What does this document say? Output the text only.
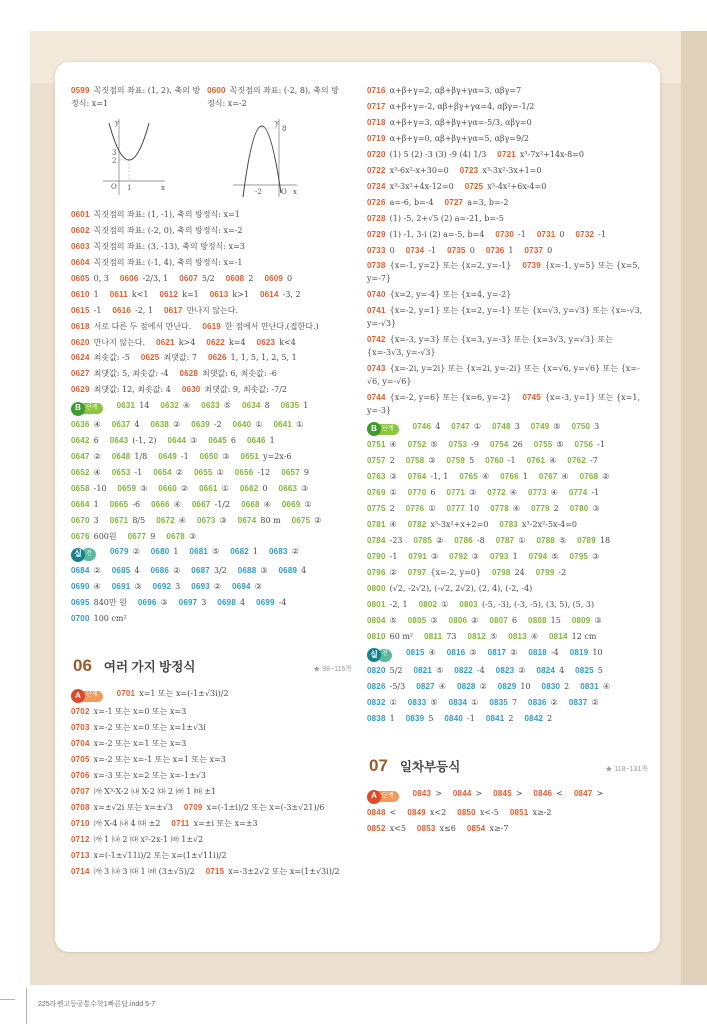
0599 꼭짓점의 좌표: (1, 2), 축의 방정식: x=10600 꼭짓점의 좌표: (-2, 8), 축의 방정식: x=-2
y
x
O 1
3
2
y
x
O
-2
8
0601 꼭짓점의 좌표: (1, -1), 축의 방정식: x=1
0602 꼭짓점의 좌표: (-2, 0), 축의 방정식: x=-2
0603 꼭짓점의 좌표: (3, -13), 축의 방정식: x=3
0604 꼭짓점의 좌표: (-1, 4), 축의 방정식: x=-1
0605 0, 3 0606 -2/3, 1 0607 5/2 0608 2 0609 0
0610 1 0611 k<1 0612 k=1 0613 k>1 0614 -3, 2
0615 -1 0616 -2, 1 0617 만나지 않는다.
0618 서로 다른 두 점에서 만난다. 0619 한 점에서 만난다.(접한다.)
0620 만나지 않는다. 0621 k>4 0622 k=4 0623 k<4
0624 최솟값: -5 0625 최댓값: 7 0626 1, 1, 5, 1, 2, 5, 1
0627 최댓값: 5, 최솟값: -4 0628 최댓값: 6, 최솟값: -6
0629 최댓값: 12, 최솟값: 4 0630 최댓값: 9, 최솟값: -7/2
B 단계	0631 14 0632 ④ 0633 ⑤ 0634 8 0635 1
0636 ④ 0637 4 0638 ② 0639 -2 0640 ① 0641 ①
0642 6 0643 (-1, 2) 0644 ③ 0645 6 0646 1
0647 ② 0648 1/8 0649 -1 0650 ③ 0651 y=2x-6
0652 ④ 0653 -1 0654 ② 0655 ① 0656 -12 0657 9
0658 -10 0659 ③ 0660 ② 0661 ① 0662 0 0663 ③
0664 1 0665 -6 0666 ④ 0667 -1/2 0668 ④ 0669 ①
0670 3 0671 8/5 0672 ④ 0673 ③ 0674 80 m 0675 ②
0676 600원 0677 9 0678 ③
실 전	0679 ② 0680 1 0681 ⑤ 0682 1 0683 ②
0684 ② 0685 4 0686 ② 0687 3/2 0688 ③ 0689 4
0690 ④ 0691 ③ 0692 3 0693 ② 0694 ③
0695 840만 원 0696 ③ 0697 3 0698 4 0699 -4
0700 100 cm²
06 여러 가지 방정식	★ 98~116쪽
A 단계	0701 x=1 또는 x=(-1±√3i)/2
0702 x=-1 또는 x=0 또는 x=3
0703 x=-2 또는 x=0 또는 x=1±√3i
0704 x=-2 또는 x=1 또는 x=3
0705 x=-2 또는 x=-1 또는 x=1 또는 x=3
0706 x=-3 또는 x=2 또는 x=-1±√3
0707 ㈎ X³-X-2 ㈏ X-2 ㈐ 2 ㈑ 1 ㈒ ±1
0708 x=±√2i 또는 x=±√3 0709 x=(-1±i)/2 또는 x=(-3±√21)/6
0710 ㈎ X-4 ㈏ 4 ㈐ ±2 0711 x=±i 또는 x=±3
0712 ㈎ 1 ㈏ 2 ㈐ x²-2x-1 ㈑ 1±√2
0713 x=(-1±√11i)/2 또는 x=(1±√11i)/2
0714 ㈎ 3 ㈏ 3 ㈐ 1 ㈑ (3±√5)/2 0715 x=-3±2√2 또는 x=(1±√3i)/2
0716 α+β+γ=2, αβ+βγ+γα=3, αβγ=7
0717 α+β+γ=-2, αβ+βγ+γα=4, αβγ=-1/2
0718 α+β+γ=3, αβ+βγ+γα=-5/3, αβγ=0
0719 α+β+γ=0, αβ+βγ+γα=5, αβγ=9/2
0720 (1) 5 (2) -3 (3) -9 (4) 1/3 0721 x³-7x²+14x-8=0
0722 x³-6x²-x+30=0 0723 x³-3x²-3x+1=0
0724 x³-3x²+4x-12=0 0725 x³-4x²+6x-4=0
0726 a=-6, b=-4 0727 a=3, b=-2
0728 (1) -5, 2+√5 (2) a=-21, b=-5
0729 (1) -1, 3-i (2) a=-5, b=4 0730 -1 0731 0 0732 -1
0733 0 0734 -1 0735 0 0736 1 0737 0
0738 {x=-1, y=2} 또는 {x=2, y=-1} 0739 {x=-1, y=5} 또는 {x=5, y=-7}
0740 {x=2, y=-4} 또는 {x=4, y=-2}
0741 {x=-2, y=1} 또는 {x=2, y=-1} 또는 {x=√3, y=√3} 또는 {x=-√3, y=-√3}
0742 {x=-3, y=3} 또는 {x=3, y=-3} 또는 {x=3√3, y=√3} 또는 {x=-3√3, y=-√3}
0743 {x=-2i, y=2i} 또는 {x=2i, y=-2i} 또는 {x=√6, y=√6} 또는 {x=-√6, y=-√6}
0744 {x=-2, y=6} 또는 {x=6, y=-2} 0745 {x=-3, y=1} 또는 {x=1, y=-3}
B 단계	0746 4 0747 ① 0748 3 0749 ⑤ 0750 3
0751 ④ 0752 ⑤ 0753 -9 0754 26 0755 ⑤ 0756 -1
0757 2 0758 ③ 0759 5 0760 -1 0761 ④ 0762 -7
0763 ③ 0764 -1, 1 0765 ④ 0766 1 0767 ④ 0768 ②
0769 ① 0770 6 0771 ③ 0772 ④ 0773 ④ 0774 -1
0775 2 0776 ① 0777 10 0778 ④ 0779 2 0780 ③
0781 ④ 0782 x³-3x²+x+2=0 0783 x³-2x²-5x-4=0
0784 -23 0785 ② 0786 -8 0787 ① 0788 ⑤ 0789 18
0790 -1 0791 ③ 0792 ③ 0793 1 0794 ⑤ 0795 ③
0796 ② 0797 {x=-2, y=0} 0798 24 0799 -2
0800 (√2, -2√2), (-√2, 2√2), (2, 4), (-2, -4)
0801 -2, 1 0802 ① 0803 (-5, -3), (-3, -5), (3, 5), (5, 3)
0804 ⑤ 0805 ③ 0806 ② 0807 6 0808 15 0809 ③
0810 60 m² 0811 73 0812 ⑤ 0813 ④ 0814 12 cm
실 전	0815 ④ 0816 ③ 0817 ② 0818 -4 0819 10
0820 5/2 0821 ⑤ 0822 -4 0823 ② 0824 4 0825 5
0826 -5/3 0827 ④ 0828 ② 0829 10 0830 2 0831 ④
0832 ① 0833 ⑤ 0834 ① 0835 7 0836 ② 0837 ②
0838 1 0839 5 0840 -1 0841 2 0842 2
07 일차부등식	★ 118~131쪽
A 단계	0843 > 0844 > 0845 > 0846 < 0847 >
0848 < 0849 x<2 0850 x<-5 0851 x≥-2
0852 x<5 0853 x≤6 0854 x≥-7
225라쎈고등공통수학1빠른답.indd 5-7
